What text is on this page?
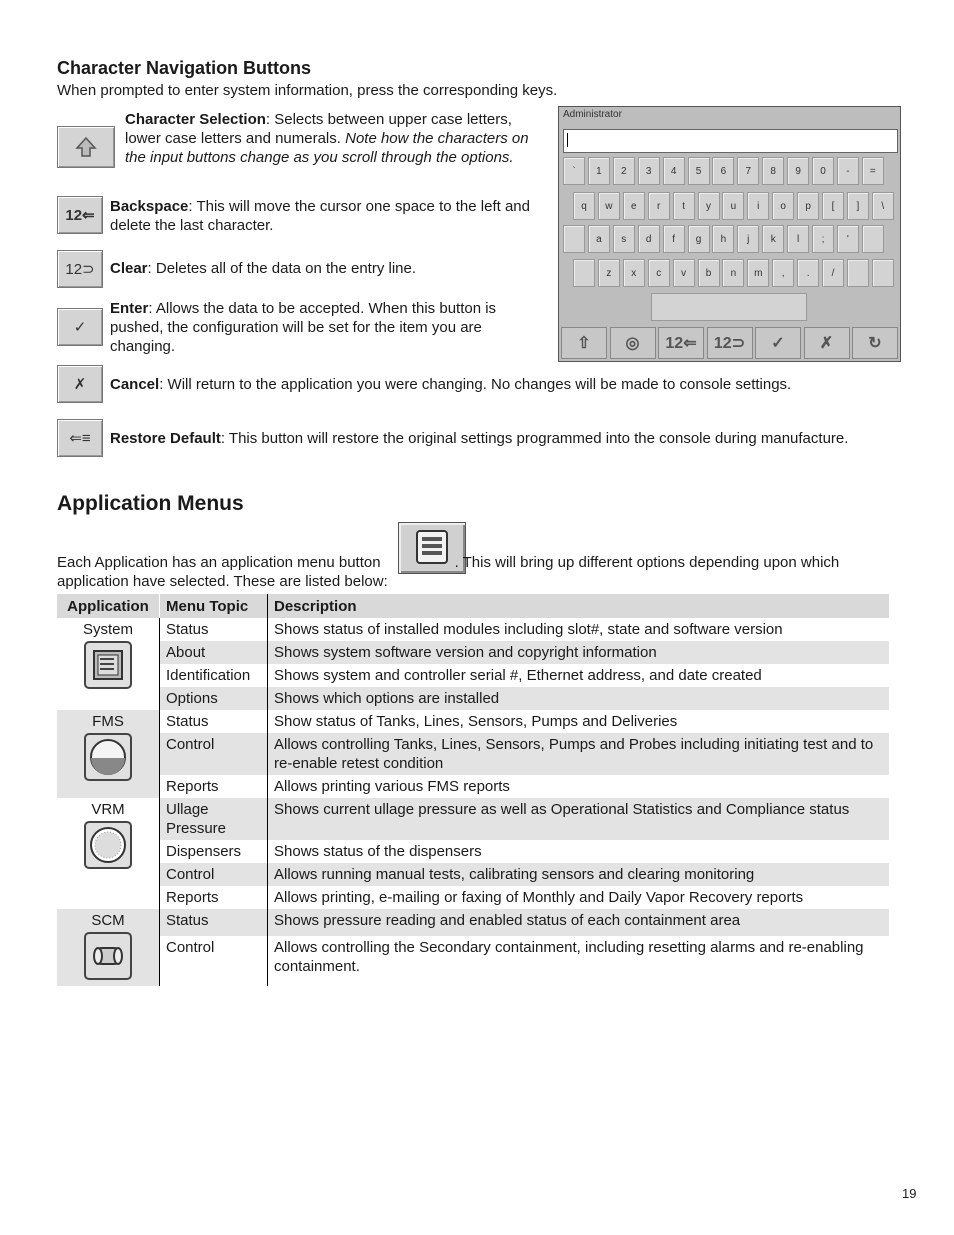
Character Navigation Buttons
When prompted to enter system information, press the corresponding keys.
Character Selection: Selects between upper case letters, lower case letters and numerals. Note how the characters on the input buttons change as you scroll through the options.
12⇐
Backspace: This will move the cursor one space to the left and delete the last character.
12⊃ Clear: Deletes all of the data on the entry line.
✓
Enter: Allows the data to be accepted. When this button is pushed, the configuration will be set for the item you are changing.
✗ Cancel: Will return to the application you were changing. No changes will be made to console settings.
⇐≡ Restore Default: This button will restore the original settings programmed into the console during manufacture.
Administrator
`	1	2	3	4	5	6	7	8	9	0	-	=
q	w	e	r	t	y	u	i	o	p	[	]	\
a	s	d	f	g	h	j	k	l	;	'
z	x	c	v	b	n	m	,	.	/
⇧	◎	12⇐	12⊃	✓	✗	↻
Application Menus
Each Application has an application menu button	. This will bring up different options depending upon which application have selected. These are listed below:
Application	Menu Topic	Description

System	Status	Shows status of installed modules including slot#, state and software version
	About	Shows system software version and copyright information
	Identification	Shows system and controller serial #, Ethernet address, and date created
	Options	Shows which options are installed

FMS	Status	Show status of Tanks, Lines, Sensors, Pumps and Deliveries
	Control	Allows controlling Tanks, Lines, Sensors, Pumps and Probes including initiating test and to re-enable retest condition
	Reports	Allows printing various FMS reports

VRM	Ullage Pressure	Shows current ullage pressure as well as Operational Statistics and Compliance status
	Dispensers	Shows status of the dispensers
	Control	Allows running manual tests, calibrating sensors and clearing monitoring
	Reports	Allows printing, e-mailing or faxing of Monthly and Daily Vapor Recovery reports

SCM	Status	Shows pressure reading and enabled status of each containment area
	Control	Allows controlling the Secondary containment, including resetting alarms and re-enabling containment.
19
